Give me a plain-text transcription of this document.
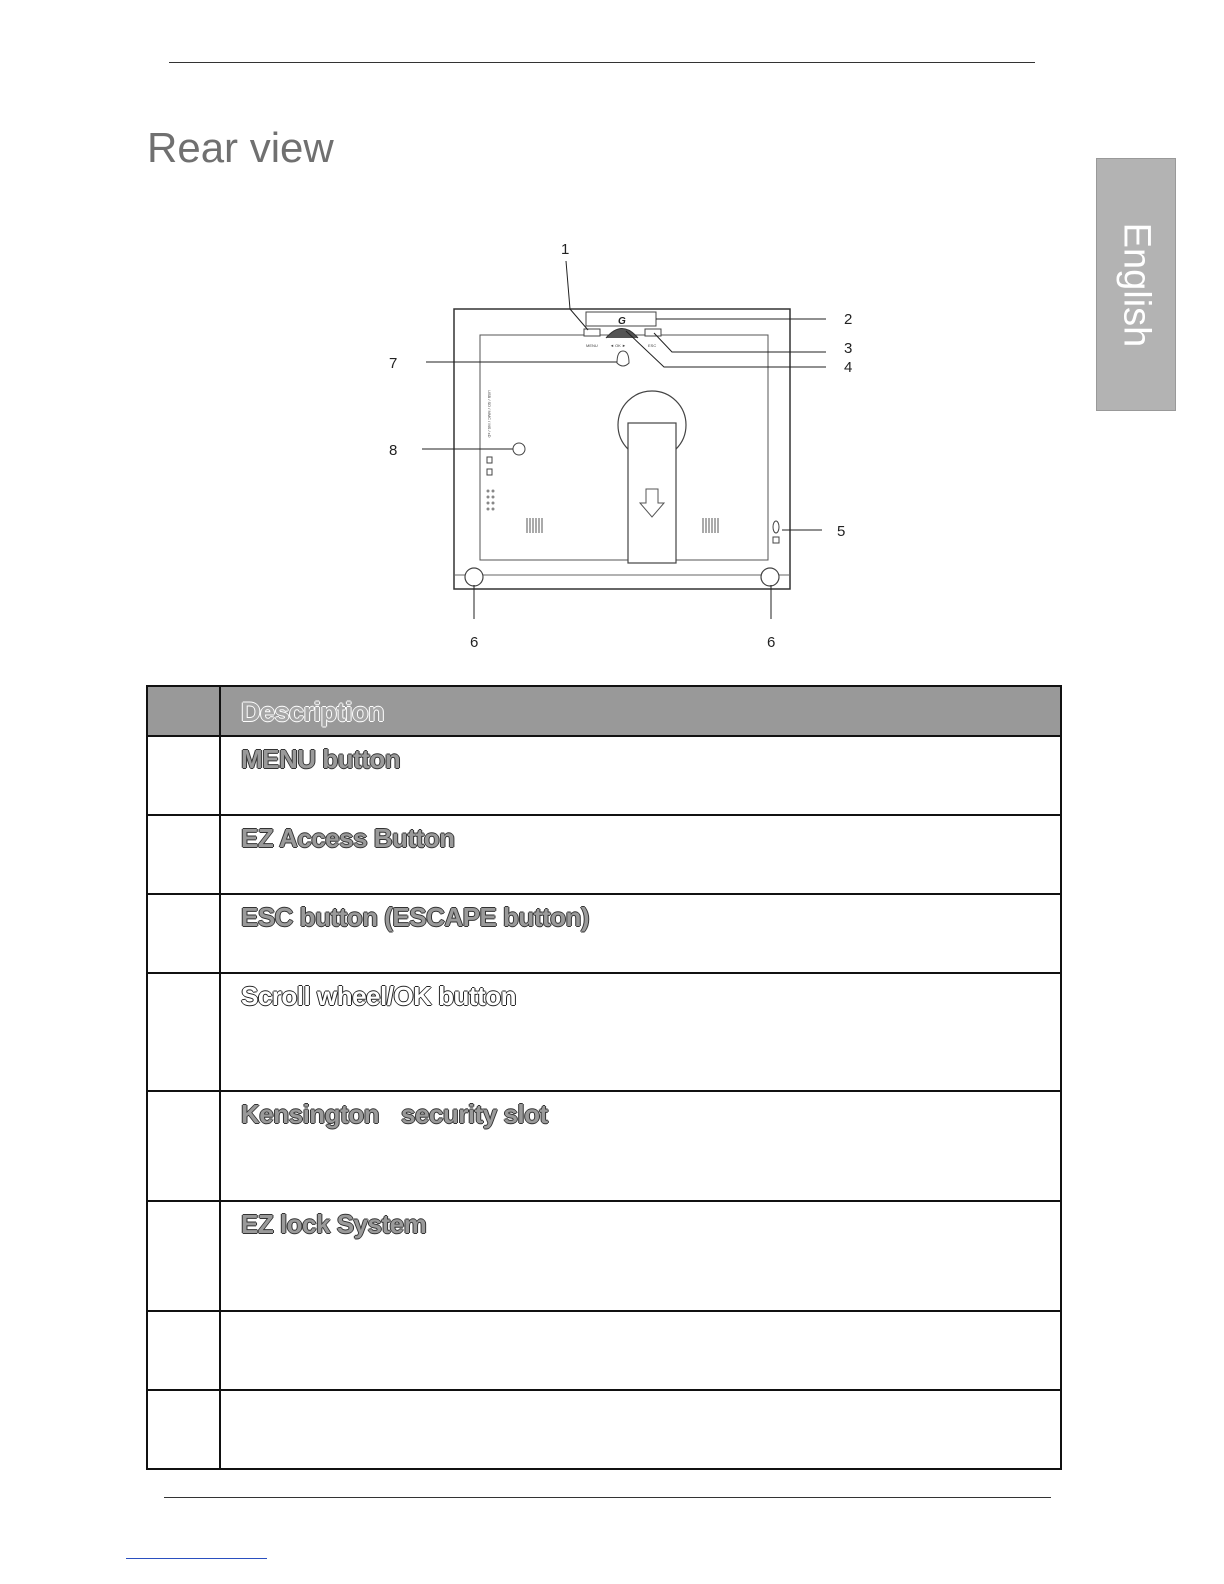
Rear view
English
G
MENU	◄ OK ►	ESC
USB / SD / MMC / MS / xD
1
2
3
4
5
6	6
7
8

	Description

	MENU button

	EZ Access Button

	ESC button (ESCAPE button)

	Scroll wheel/OK button

	Kensington security slot

	EZ lock System
